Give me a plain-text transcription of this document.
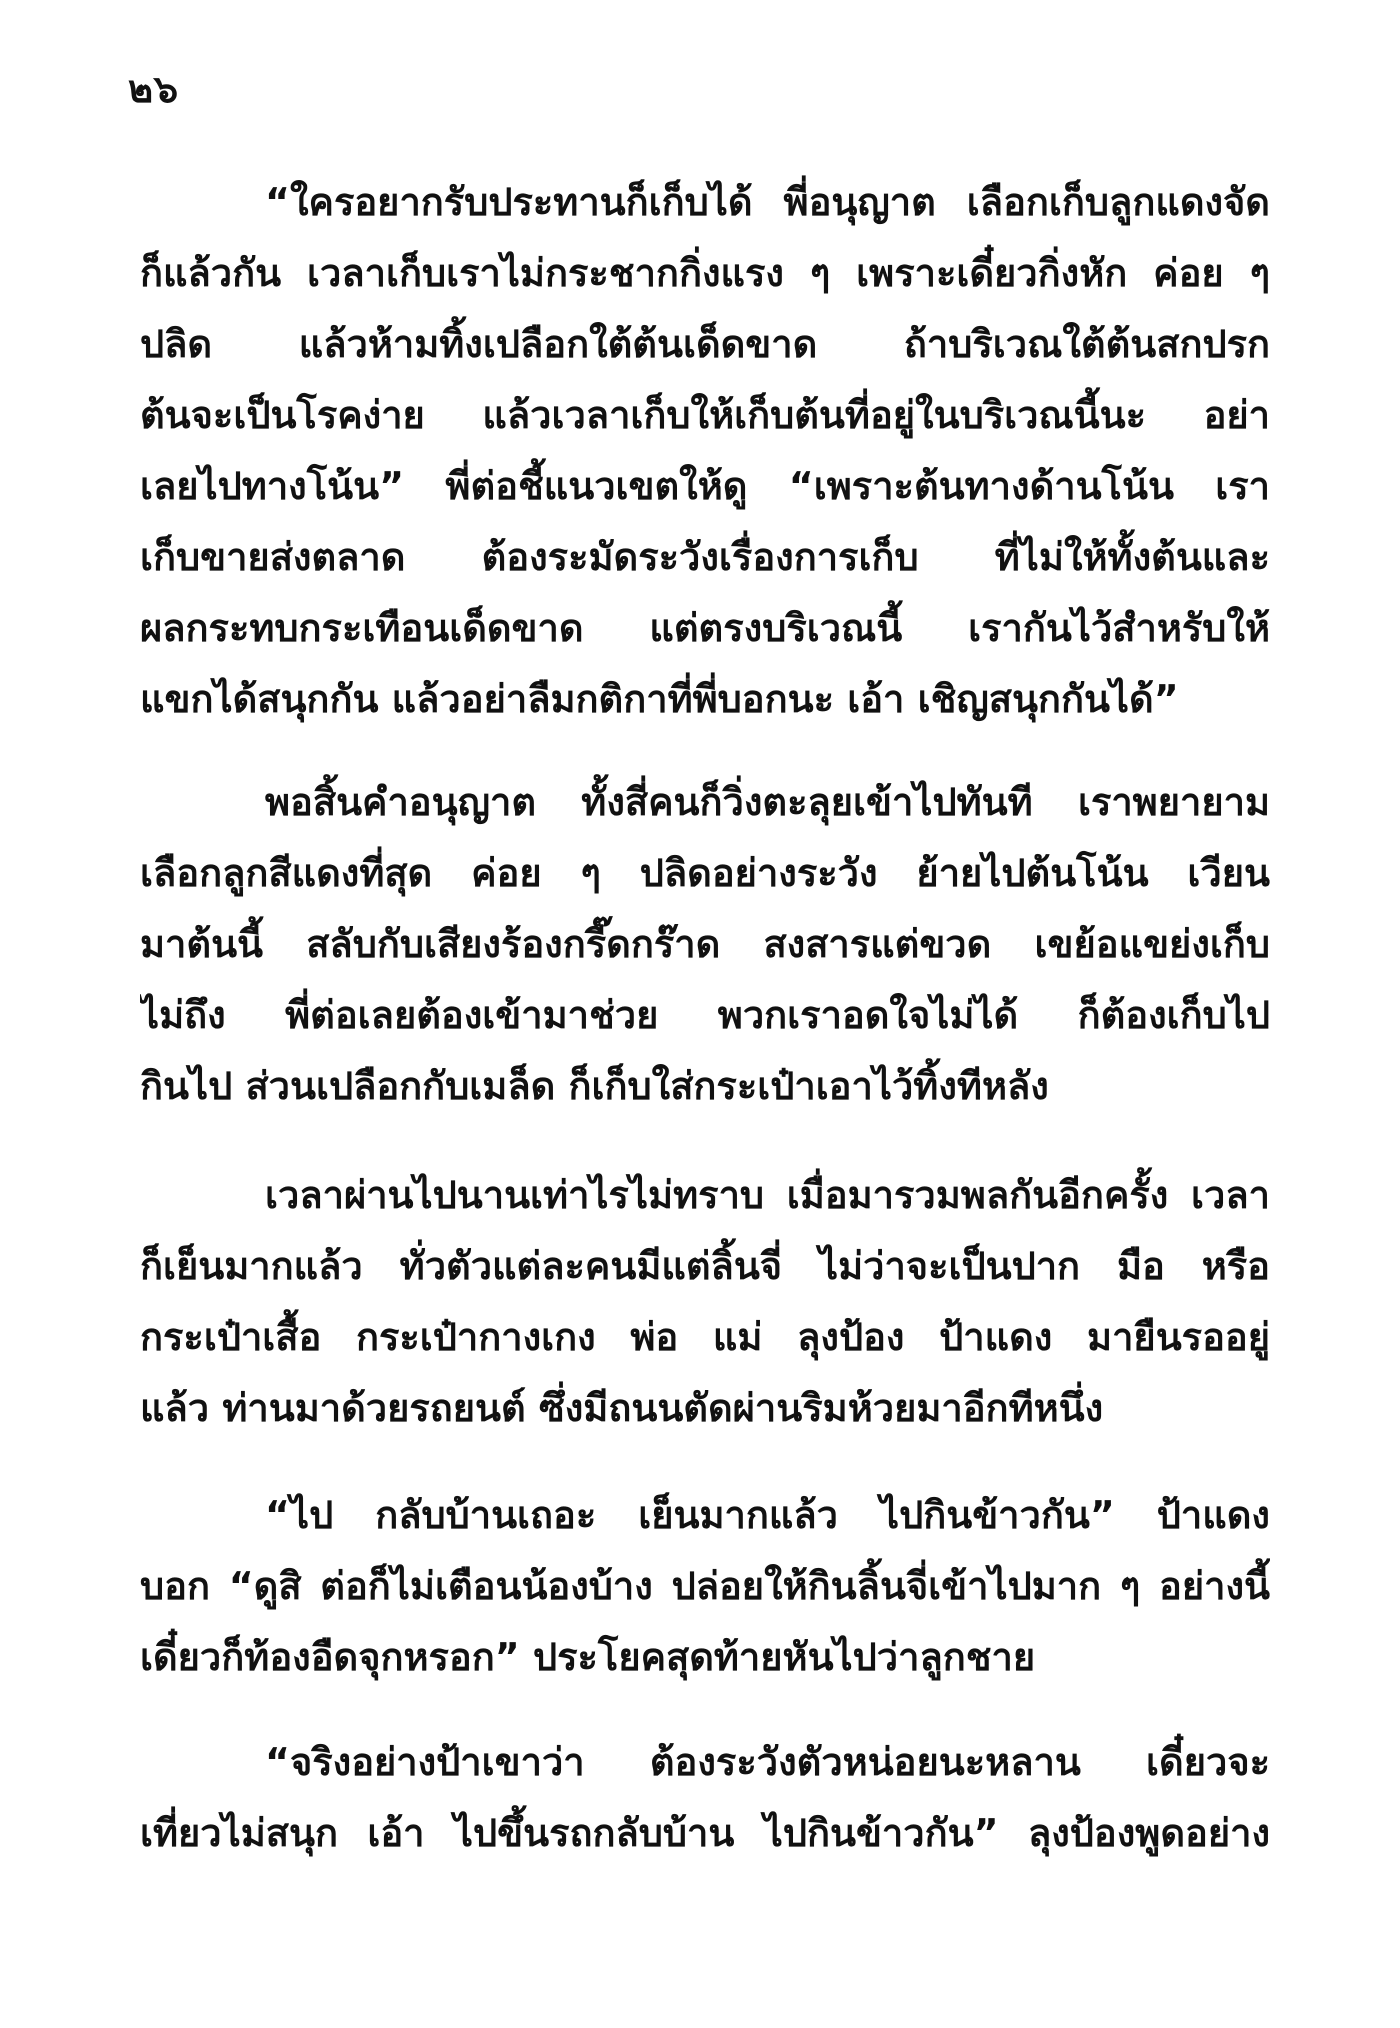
๒๖
“ใครอยากรับประทานก็เก็บได้ พี่อนุญาต เลือกเก็บลูกแดงจัด
ก็แล้วกัน เวลาเก็บเราไม่กระชากกิ่งแรง ๆ เพราะเดี๋ยวกิ่งหัก ค่อย ๆ
ปลิด แล้วห้ามทิ้งเปลือกใต้ต้นเด็ดขาด ถ้าบริเวณใต้ต้นสกปรก
ต้นจะเป็นโรคง่าย แล้วเวลาเก็บให้เก็บต้นที่อยู่ในบริเวณนี้นะ อย่า
เลยไปทางโน้น” พี่ต่อชี้แนวเขตให้ดู “เพราะต้นทางด้านโน้น เรา
เก็บขายส่งตลาด ต้องระมัดระวังเรื่องการเก็บ ที่ไม่ให้ทั้งต้นและ
ผลกระทบกระเทือนเด็ดขาด แต่ตรงบริเวณนี้ เรากันไว้สำหรับให้
แขกได้สนุกกัน แล้วอย่าลืมกติกาที่พี่บอกนะ เอ้า เชิญสนุกกันได้”
พอสิ้นคำอนุญาต ทั้งสี่คนก็วิ่งตะลุยเข้าไปทันที เราพยายาม
เลือกลูกสีแดงที่สุด ค่อย ๆ ปลิดอย่างระวัง ย้ายไปต้นโน้น เวียน
มาต้นนี้ สลับกับเสียงร้องกรี๊ดกร๊าด สงสารแต่ขวด เขย้อแขย่งเก็บ
ไม่ถึง พี่ต่อเลยต้องเข้ามาช่วย พวกเราอดใจไม่ได้ ก็ต้องเก็บไป
กินไป ส่วนเปลือกกับเมล็ด ก็เก็บใส่กระเป๋าเอาไว้ทิ้งทีหลัง
เวลาผ่านไปนานเท่าไรไม่ทราบ เมื่อมารวมพลกันอีกครั้ง เวลา
ก็เย็นมากแล้ว ทั่วตัวแต่ละคนมีแต่ลิ้นจี่ ไม่ว่าจะเป็นปาก มือ หรือ
กระเป๋าเสื้อ กระเป๋ากางเกง พ่อ แม่ ลุงป้อง ป้าแดง มายืนรออยู่
แล้ว ท่านมาด้วยรถยนต์ ซึ่งมีถนนตัดผ่านริมห้วยมาอีกทีหนึ่ง
“ไป กลับบ้านเถอะ เย็นมากแล้ว ไปกินข้าวกัน” ป้าแดง
บอก “ดูสิ ต่อก็ไม่เตือนน้องบ้าง ปล่อยให้กินลิ้นจี่เข้าไปมาก ๆ อย่างนี้
เดี๋ยวก็ท้องอืดจุกหรอก” ประโยคสุดท้ายหันไปว่าลูกชาย
“จริงอย่างป้าเขาว่า ต้องระวังตัวหน่อยนะหลาน เดี๋ยวจะ
เที่ยวไม่สนุก เอ้า ไปขึ้นรถกลับบ้าน ไปกินข้าวกัน” ลุงป้องพูดอย่าง
